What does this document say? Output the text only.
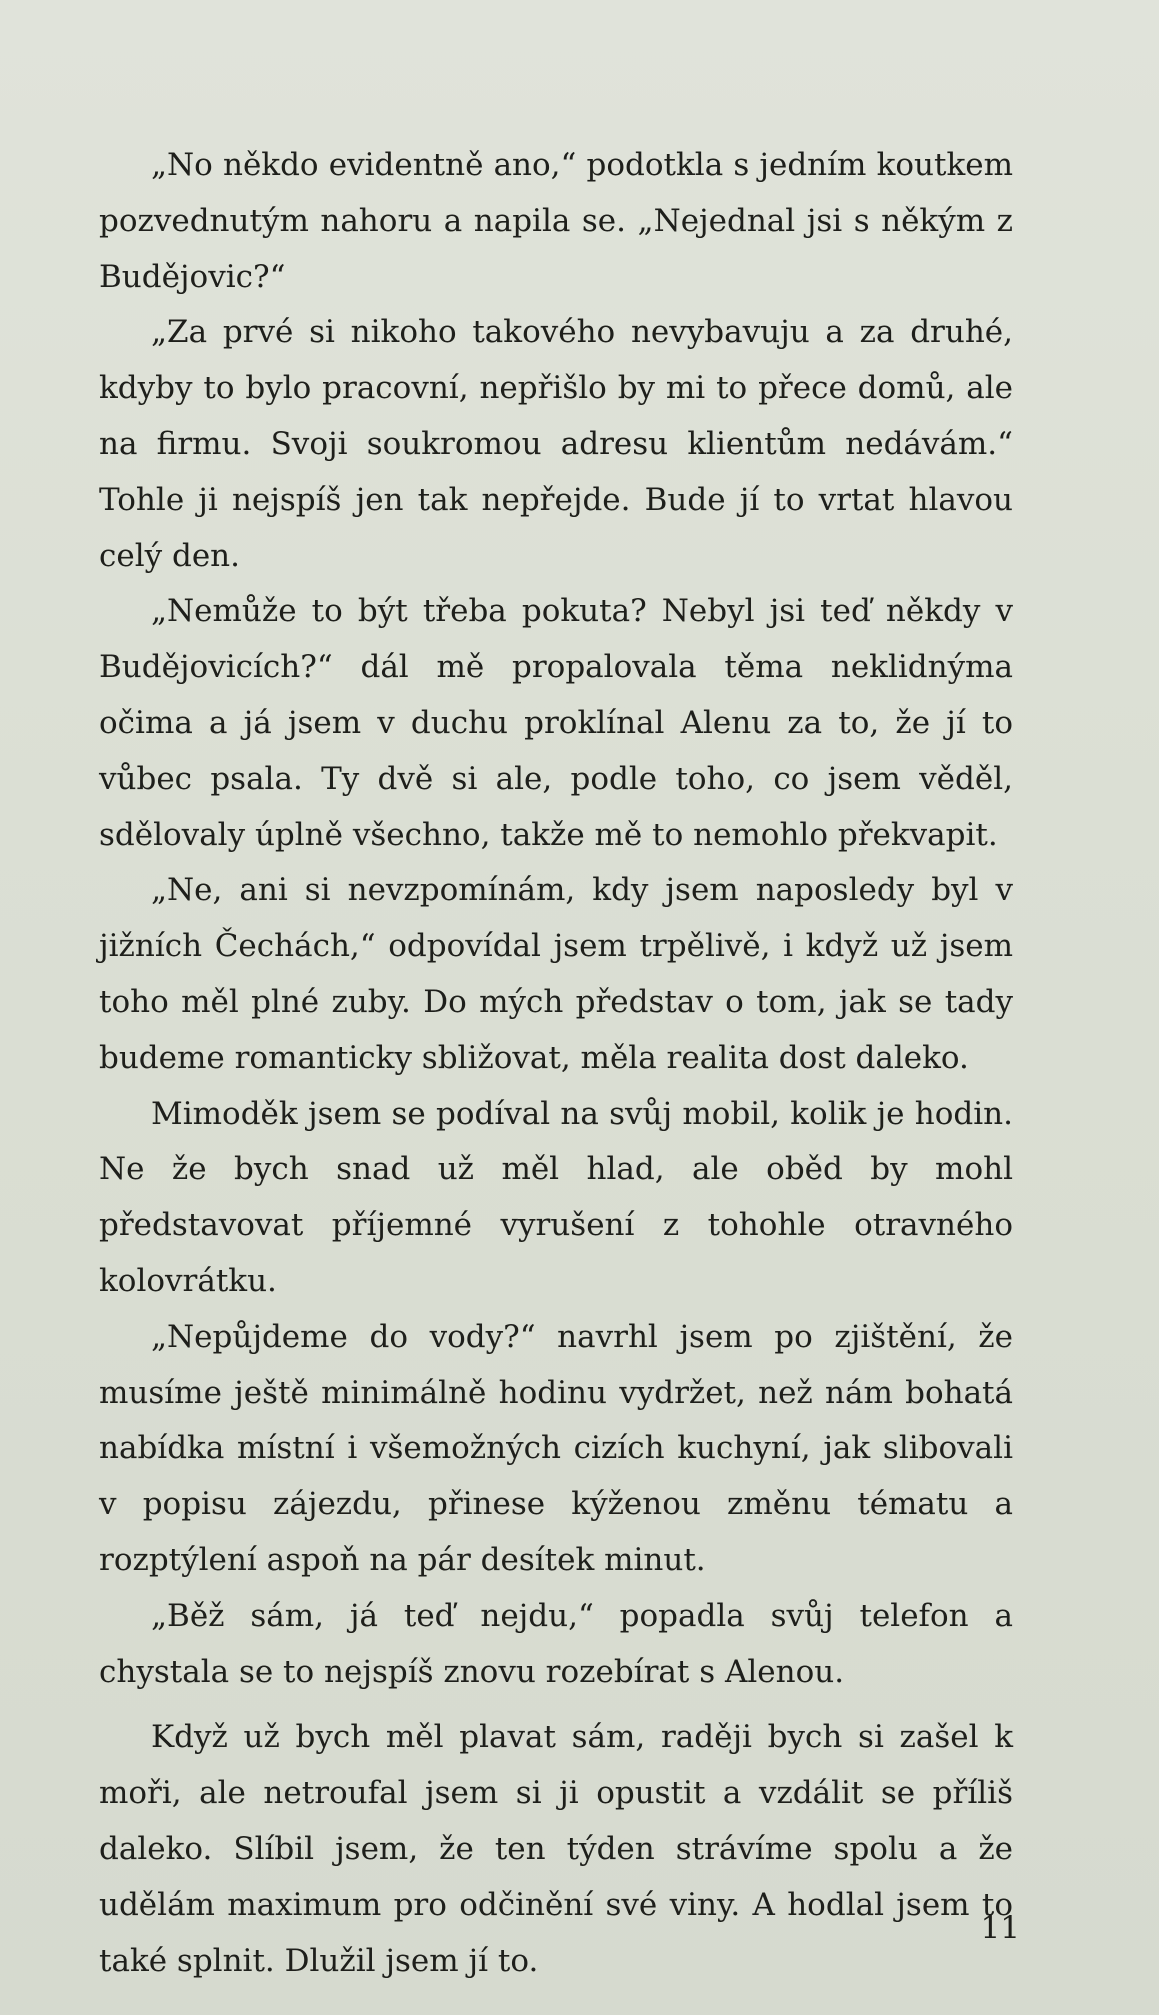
„No někdo evidentně ano,“ podotkla s jedním koutkem pozvednutým nahoru a napila se. „Nejednal jsi s někým z Budějovic?“

„Za prvé si nikoho takového nevybavuju a za druhé, kdyby to bylo pracovní, nepřišlo by mi to přece domů, ale na firmu. Svoji soukromou adresu klientům nedávám.“ Tohle ji nejspíš jen tak nepřejde. Bude jí to vrtat hlavou celý den.

„Nemůže to být třeba pokuta? Nebyl jsi teď někdy v Budějovicích?“ dál mě propalovala těma neklidnýma očima a já jsem v duchu proklínal Alenu za to, že jí to vůbec psala. Ty dvě si ale, podle toho, co jsem věděl, sdělovaly úplně všechno, takže mě to nemohlo překvapit.

„Ne, ani si nevzpomínám, kdy jsem naposledy byl v jižních Čechách,“ odpovídal jsem trpělivě, i když už jsem toho měl plné zuby. Do mých představ o tom, jak se tady budeme romanticky sbližovat, měla realita dost daleko.

Mimoděk jsem se podíval na svůj mobil, kolik je hodin. Ne že bych snad už měl hlad, ale oběd by mohl představovat příjemné vyrušení z tohohle otravného kolovrátku.

„Nepůjdeme do vody?“ navrhl jsem po zjištění, že musíme ještě minimálně hodinu vydržet, než nám bohatá nabídka místní i všemožných cizích kuchyní, jak slibovali v popisu zájezdu, přinese kýženou změnu tématu a rozptýlení aspoň na pár desítek minut.

„Běž sám, já teď nejdu,“ popadla svůj telefon a chystala se to nejspíš znovu rozebírat s Alenou.

Když už bych měl plavat sám, raději bych si zašel k moři, ale netroufal jsem si ji opustit a vzdálit se příliš daleko. Slíbil jsem, že ten týden strávíme spolu a že udělám maximum pro odčinění své viny. A hodlal jsem to také splnit. Dlužil jsem jí to.

11
